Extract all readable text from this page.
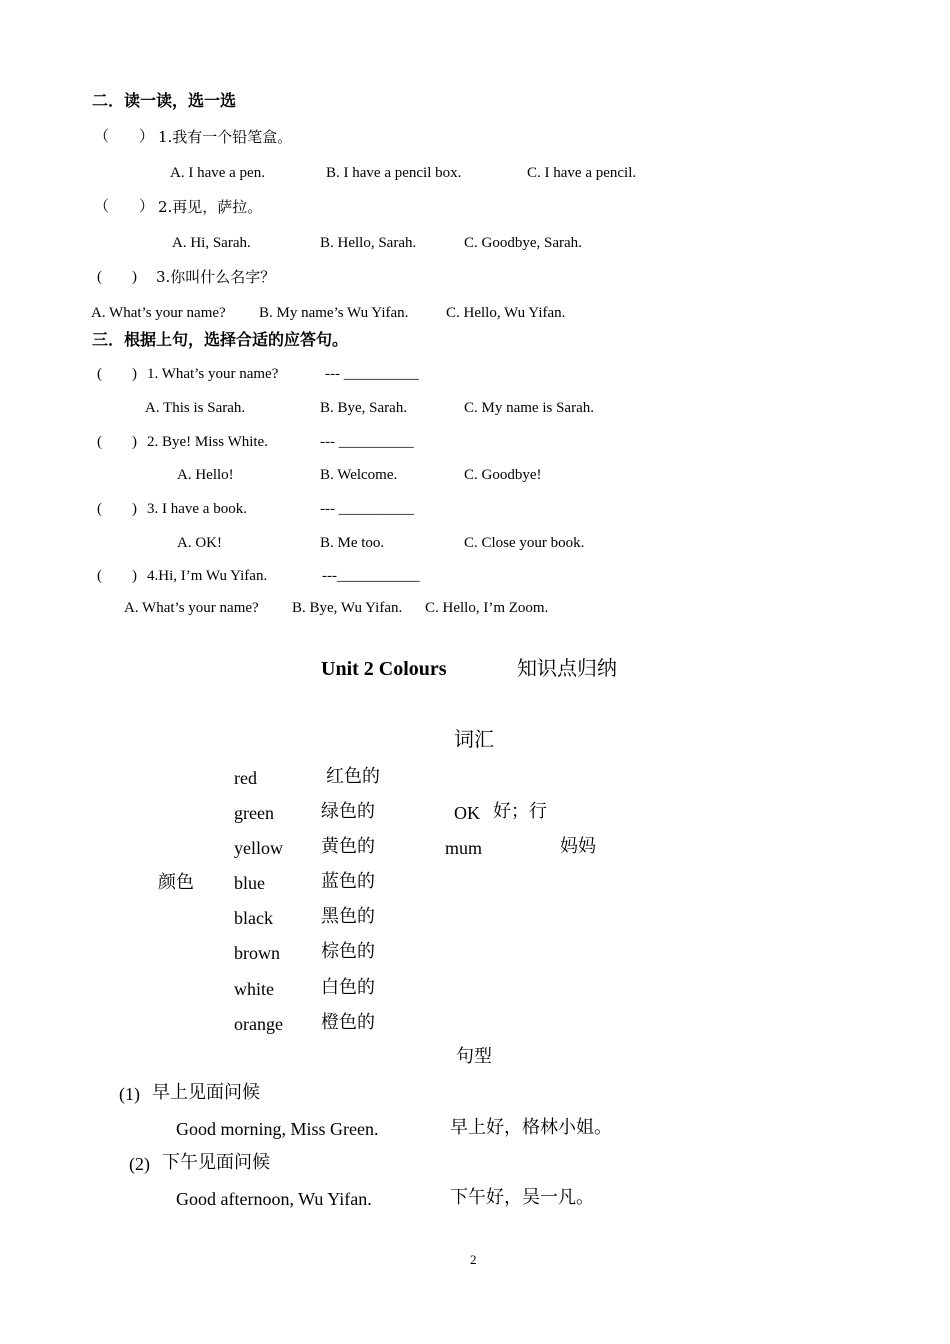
二．读一读，选一选
（　　） 1.我有一个铅笔盒。
A. I have a pen.	B. I have a pencil box.	C. I have a pencil.
（　　） 2.再见，萨拉。
A. Hi, Sarah.	B. Hello, Sarah.	C. Goodbye, Sarah.
(　　) 3.你叫什么名字？
A. What’s your name? B. My name’s Wu Yifan.	C. Hello, Wu Yifan.
三．根据上句，选择合适的应答句。
(　　) 1. What’s your name?	--- __________
A. This is Sarah.	B. Bye, Sarah.	C. My name is Sarah.
(　　) 2. Bye! Miss White.	--- __________
A. Hello!	B. Welcome.	C. Goodbye!
(　　) 3. I have a book.	--- __________
A. OK!	B. Me too.	C. Close your book.
(　　) 4.Hi, I’m Wu Yifan.	---___________
A. What’s your name? B. Bye, Wu Yifan. C. Hello, I’m Zoom.
Unit 2 Colours	知识点归纳
词汇
颜色
red	红色的
green	绿色的
yellow 黄色的
blue	蓝色的
black	黑色的
brown 棕色的
white	白色的
orange 橙色的
OK 好；行
mum	妈妈
句型
(1) 早上见面问候
Good morning, Miss Green.	早上好，格林小姐。
(2) 下午见面问候
Good afternoon, Wu Yifan.	下午好，吴一凡。
2
